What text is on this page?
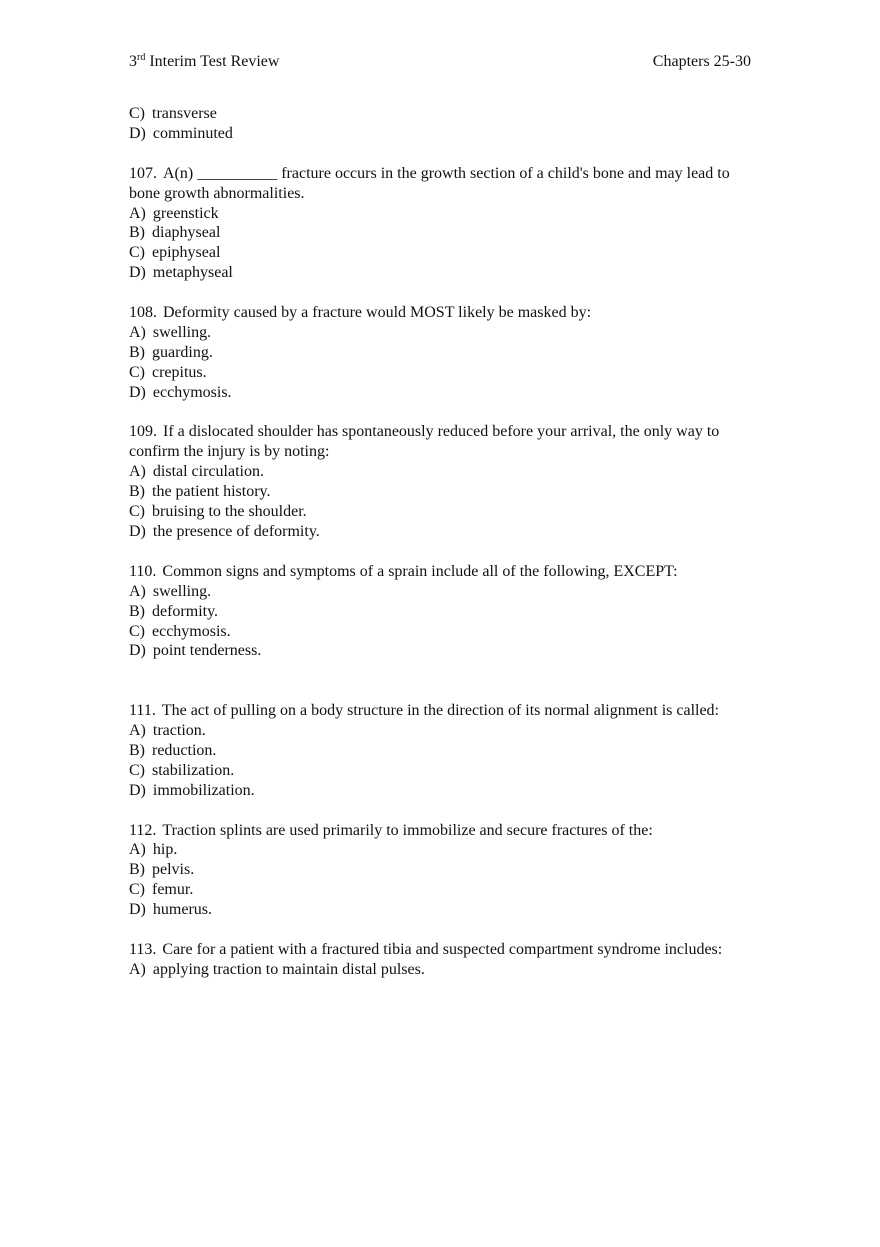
3rd Interim Test Review	Chapters 25-30
C) transverse
D) comminuted

107. A(n) __________ fracture occurs in the growth section of a child's bone and may lead to bone growth abnormalities.

A) greenstick
B) diaphyseal
C) epiphyseal
D) metaphyseal

108. Deformity caused by a fracture would MOST likely be masked by:

A) swelling.
B) guarding.
C) crepitus.
D) ecchymosis.

109. If a dislocated shoulder has spontaneously reduced before your arrival, the only way to confirm the injury is by noting:

A) distal circulation.
B) the patient history.
C) bruising to the shoulder.
D) the presence of deformity.

110. Common signs and symptoms of a sprain include all of the following, EXCEPT:

A) swelling.
B) deformity.
C) ecchymosis.
D) point tenderness.

111. The act of pulling on a body structure in the direction of its normal alignment is called:

A) traction.
B) reduction.
C) stabilization.
D) immobilization.

112. Traction splints are used primarily to immobilize and secure fractures of the:

A) hip.
B) pelvis.
C) femur.
D) humerus.

113. Care for a patient with a fractured tibia and suspected compartment syndrome includes:

A) applying traction to maintain distal pulses.
